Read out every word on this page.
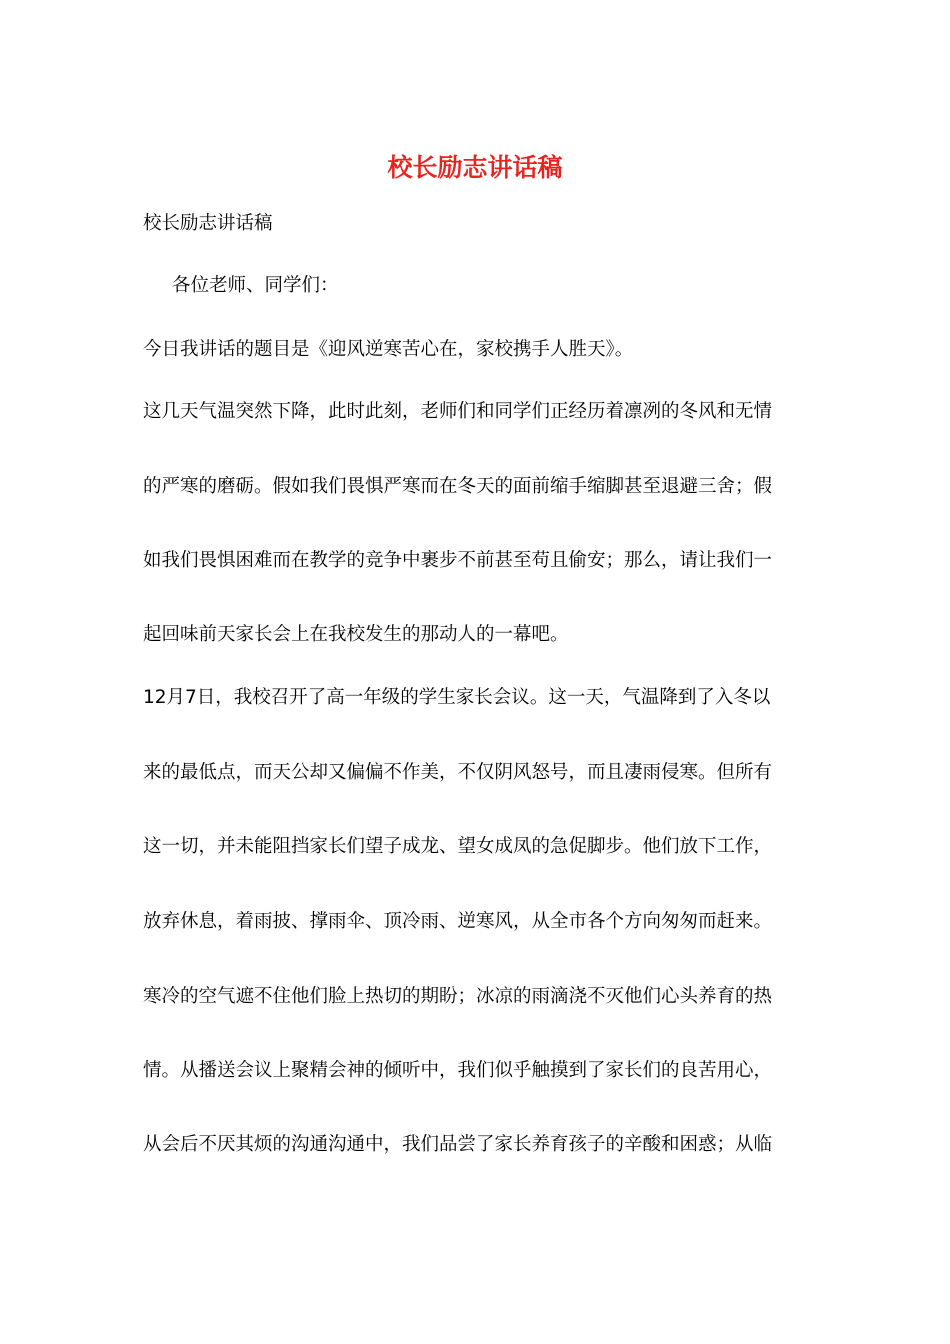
校长励志讲话稿
校长励志讲话稿
各位老师、同学们：
今日我讲话的题目是《迎风逆寒苦心在，家校携手人胜天》。
这几天气温突然下降，此时此刻，老师们和同学们正经历着凛冽的冬风和无情
的严寒的磨砺。假如我们畏惧严寒而在冬天的面前缩手缩脚甚至退避三舍；假
如我们畏惧困难而在教学的竞争中裹步不前甚至苟且偷安；那么，请让我们一
起回味前天家长会上在我校发生的那动人的一幕吧。
12月7日，我校召开了高一年级的学生家长会议。这一天，气温降到了入冬以
来的最低点，而天公却又偏偏不作美，不仅阴风怒号，而且凄雨侵寒。但所有
这一切，并未能阻挡家长们望子成龙、望女成凤的急促脚步。他们放下工作，
放弃休息，着雨披、撑雨伞、顶冷雨、逆寒风，从全市各个方向匆匆而赶来。
寒冷的空气遮不住他们脸上热切的期盼；冰凉的雨滴浇不灭他们心头养育的热
情。从播送会议上聚精会神的倾听中，我们似乎触摸到了家长们的良苦用心，
从会后不厌其烦的沟通沟通中，我们品尝了家长养育孩子的辛酸和困惑；从临
